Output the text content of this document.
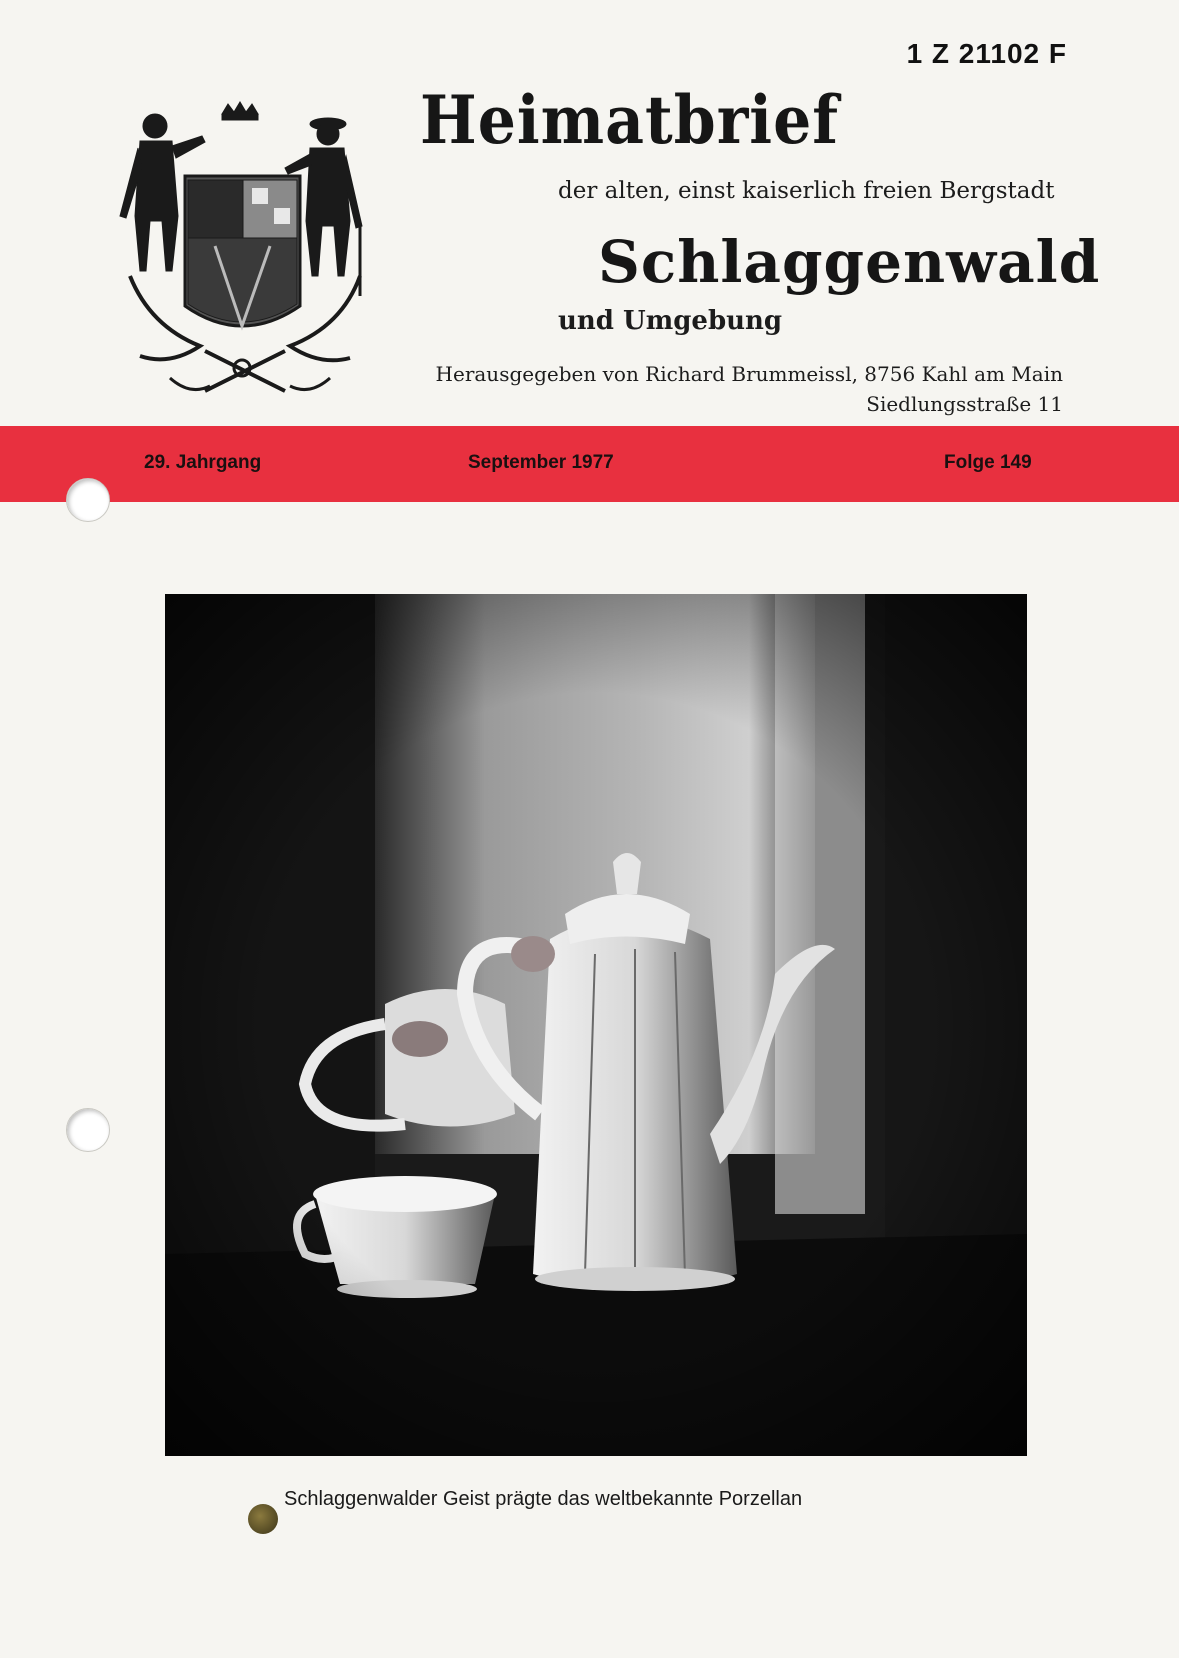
1 Z 21102 F
Heimatbrief
der alten, einst kaiserlich freien Bergstadt
Schlaggenwald
und Umgebung
Herausgegeben von Richard Brummeissl, 8756 Kahl am Main
Siedlungsstraße 11
29. Jahrgang	September 1977	Folge 149
Schlaggenwalder Geist prägte das weltbekannte Porzellan
